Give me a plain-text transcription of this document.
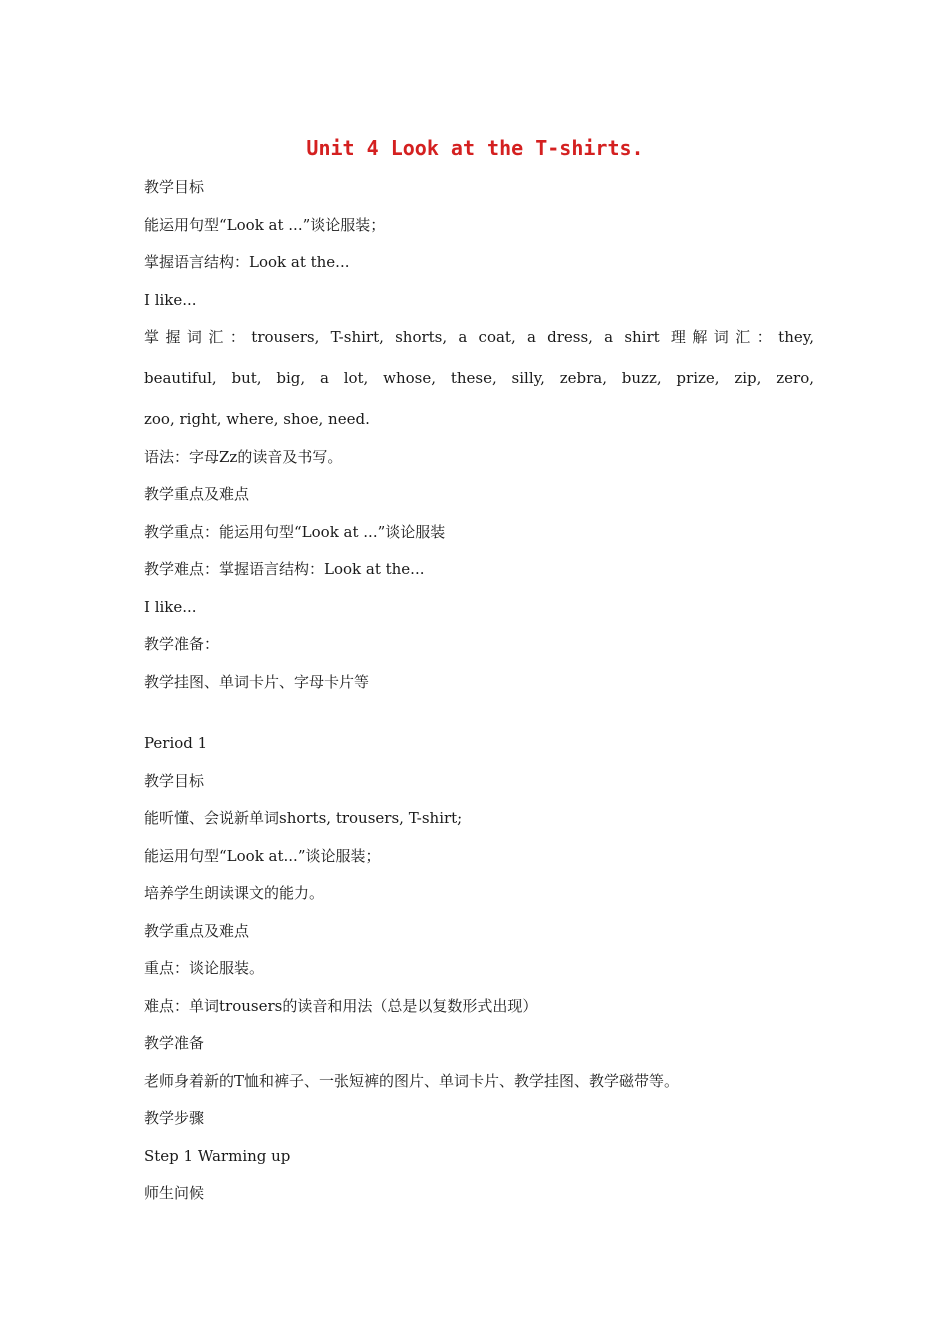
Unit 4 Look at the T-shirts.
教学目标
能运用句型“Look at ...”谈论服装；
掌握语言结构：Look at the...
I like...
掌握词汇：trousers, T-shirt, shorts, a coat, a dress, a shirt 理解词汇：they,
beautiful, but, big, a lot, whose, these, silly, zebra, buzz, prize, zip, zero,
zoo, right, where, shoe, need.
语法：字母Zz的读音及书写。
教学重点及难点
教学重点：能运用句型“Look at ...”谈论服装
教学难点：掌握语言结构：Look at the...
I like...
教学准备：
教学挂图、单词卡片、字母卡片等
Period 1
教学目标
能听懂、会说新单词shorts, trousers, T-shirt;
能运用句型“Look at...”谈论服装；
培养学生朗读课文的能力。
教学重点及难点
重点：谈论服装。
难点：单词trousers的读音和用法（总是以复数形式出现）
教学准备
老师身着新的T恤和裤子、一张短裤的图片、单词卡片、教学挂图、教学磁带等。
教学步骤
Step 1 Warming up
师生问候
